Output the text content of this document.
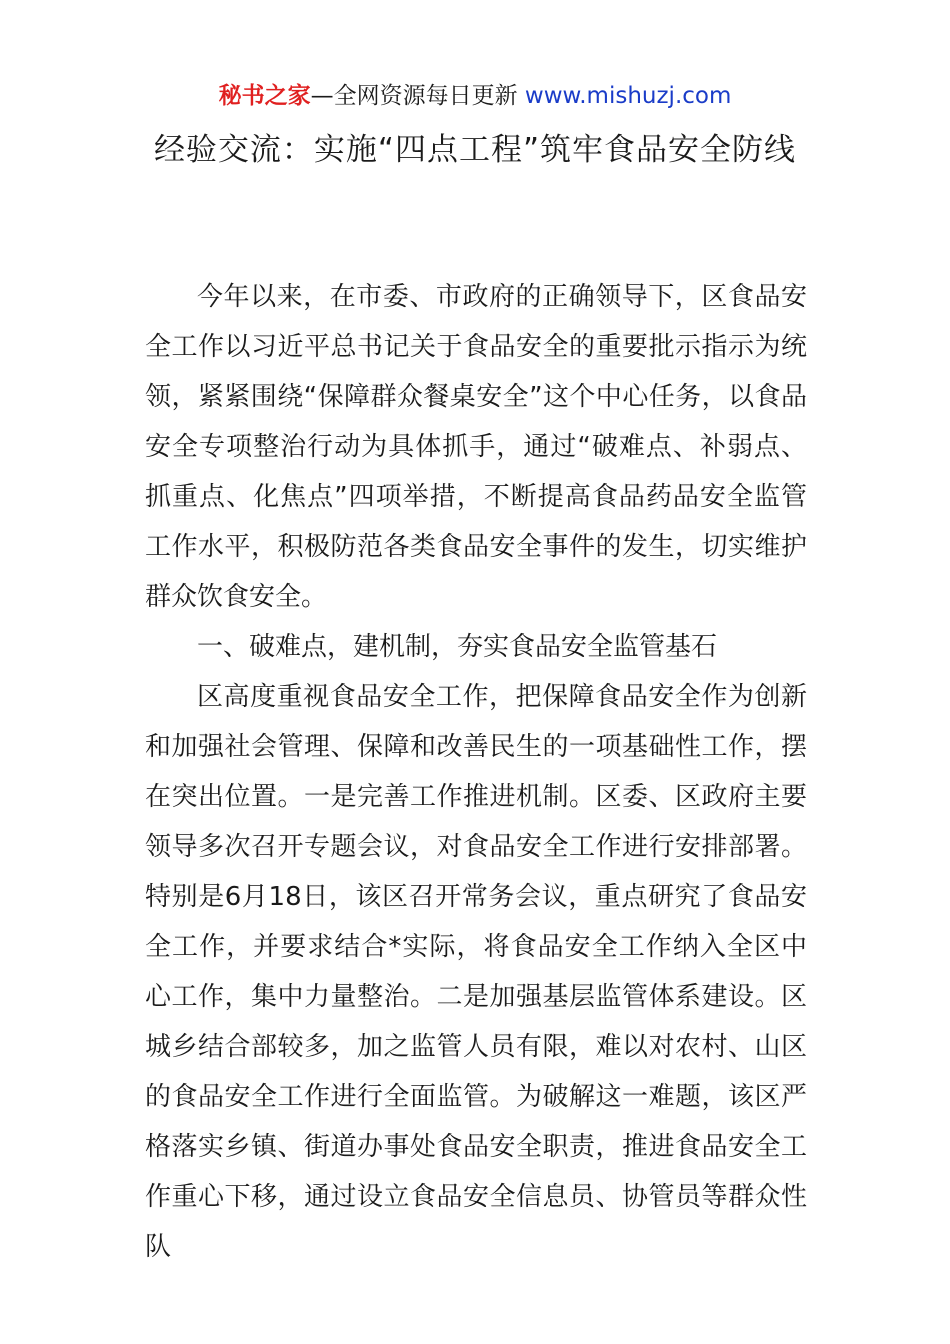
秘书之家—全网资源每日更新 www.mishuzj.com
经验交流：实施“四点工程”筑牢食品安全防线

今年以来，在市委、市政府的正确领导下，区食品安全工作以习近平总书记关于食品安全的重要批示指示为统领，紧紧围绕“保障群众餐桌安全”这个中心任务，以食品安全专项整治行动为具体抓手，通过“破难点、补弱点、抓重点、化焦点”四项举措，不断提高食品药品安全监管工作水平，积极防范各类食品安全事件的发生，切实维护群众饮食安全。

一、破难点，建机制，夯实食品安全监管基石

区高度重视食品安全工作，把保障食品安全作为创新和加强社会管理、保障和改善民生的一项基础性工作，摆在突出位置。一是完善工作推进机制。区委、区政府主要领导多次召开专题会议，对食品安全工作进行安排部署。特别是6月18日，该区召开常务会议，重点研究了食品安全工作，并要求结合*实际，将食品安全工作纳入全区中心工作，集中力量整治。二是加强基层监管体系建设。区城乡结合部较多，加之监管人员有限，难以对农村、山区的食品安全工作进行全面监管。为破解这一难题，该区严格落实乡镇、街道办事处食品安全职责，推进食品安全工作重心下移，通过设立食品安全信息员、协管员等群众性队
